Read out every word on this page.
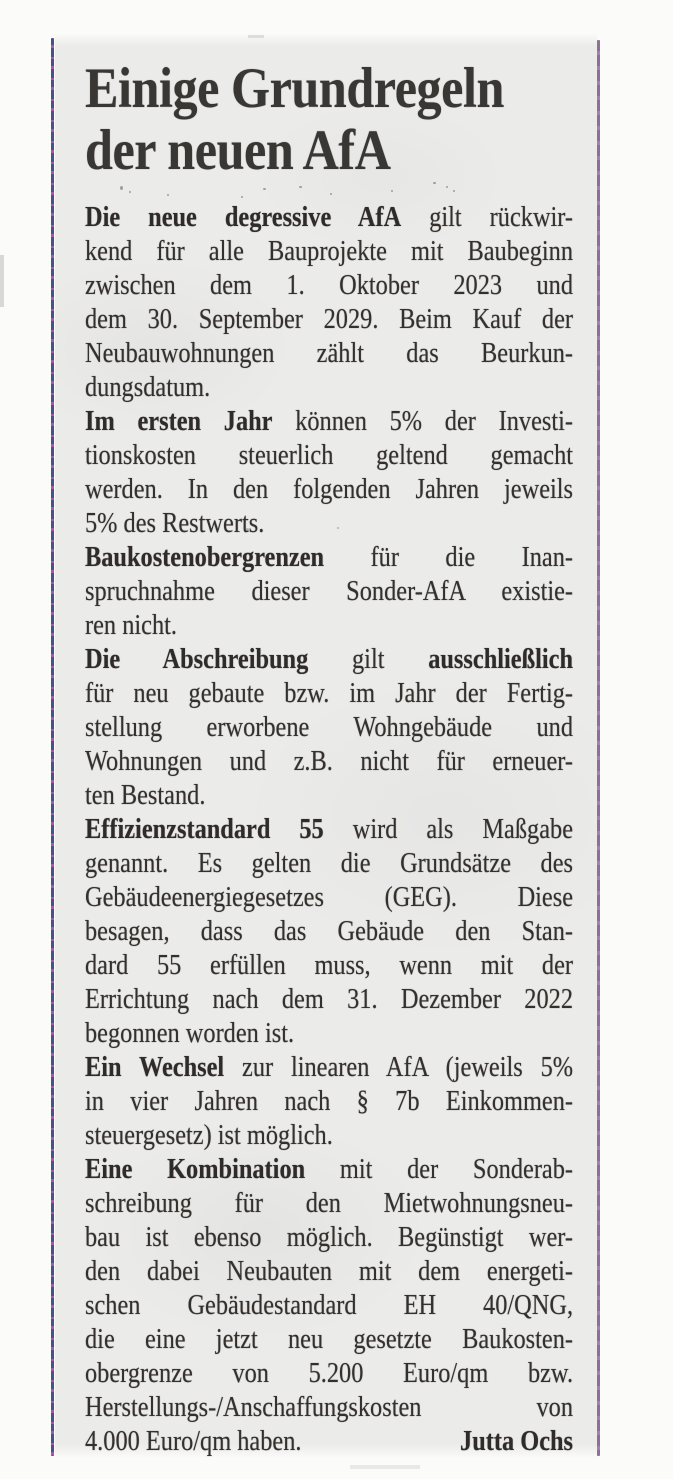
Einige Grundregeln
der neuen AfA
Die neue degressive AfA gilt rückwir-
kend für alle Bauprojekte mit Baubeginn
zwischen dem 1. Oktober 2023 und
dem 30. September 2029. Beim Kauf der
Neubauwohnungen zählt das Beurkun-
dungsdatum.
Im ersten Jahr können 5% der Investi-
tionskosten steuerlich geltend gemacht
werden. In den folgenden Jahren jeweils
5% des Restwerts.
Baukostenobergrenzen für die Inan-
spruchnahme dieser Sonder-AfA existie-
ren nicht.
Die Abschreibung gilt ausschließlich
für neu gebaute bzw. im Jahr der Fertig-
stellung erworbene Wohngebäude und
Wohnungen und z.B. nicht für erneuer-
ten Bestand.
Effizienzstandard 55 wird als Maßgabe
genannt. Es gelten die Grundsätze des
Gebäudeenergiegesetzes (GEG). Diese
besagen, dass das Gebäude den Stan-
dard 55 erfüllen muss, wenn mit der
Errichtung nach dem 31. Dezember 2022
begonnen worden ist.
Ein Wechsel zur linearen AfA (jeweils 5%
in vier Jahren nach § 7b Einkommen-
steuergesetz) ist möglich.
Eine Kombination mit der Sonderab-
schreibung für den Mietwohnungsneu-
bau ist ebenso möglich. Begünstigt wer-
den dabei Neubauten mit dem energeti-
schen Gebäudestandard EH 40/QNG,
die eine jetzt neu gesetzte Baukosten-
obergrenze von 5.200 Euro/qm bzw.
Herstellungs-/Anschaffungskosten von
4.000 Euro/qm haben.	Jutta Ochs
